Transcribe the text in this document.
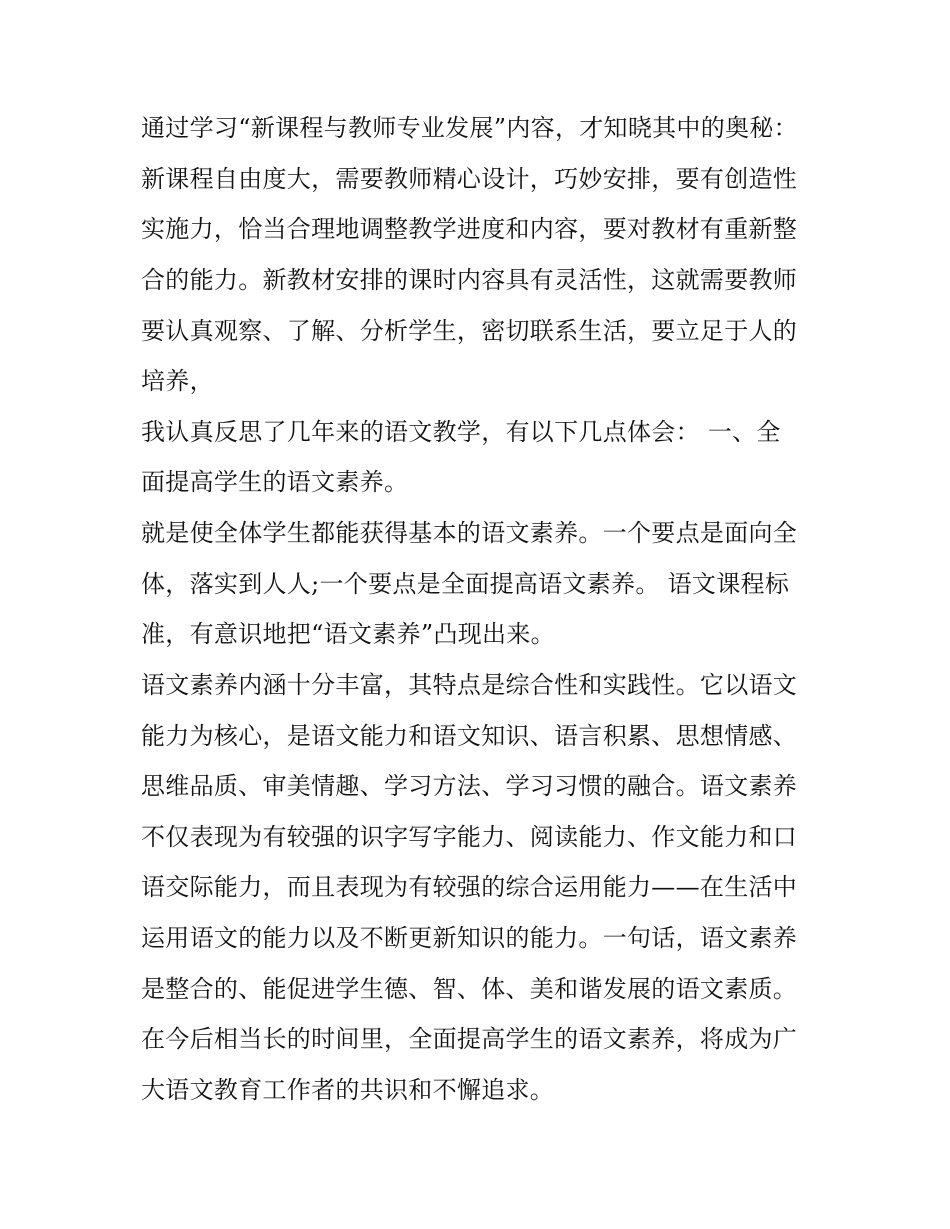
通过学习“新课程与教师专业发展”内容，才知晓其中的奥秘：
新课程自由度大，需要教师精心设计，巧妙安排，要有创造性
实施力，恰当合理地调整教学进度和内容，要对教材有重新整
合的能力。新教材安排的课时内容具有灵活性，这就需要教师
要认真观察、了解、分析学生，密切联系生活，要立足于人的
培养，
我认真反思了几年来的语文教学，有以下几点体会： 一、全
面提高学生的语文素养。
就是使全体学生都能获得基本的语文素养。一个要点是面向全
体，落实到人人;一个要点是全面提高语文素养。 语文课程标
准，有意识地把“语文素养”凸现出来。
语文素养内涵十分丰富，其特点是综合性和实践性。它以语文
能力为核心，是语文能力和语文知识、语言积累、思想情感、
思维品质、审美情趣、学习方法、学习习惯的融合。语文素养
不仅表现为有较强的识字写字能力、阅读能力、作文能力和口
语交际能力，而且表现为有较强的综合运用能力——在生活中
运用语文的能力以及不断更新知识的能力。一句话，语文素养
是整合的、能促进学生德、智、体、美和谐发展的语文素质。
在今后相当长的时间里，全面提高学生的语文素养，将成为广
大语文教育工作者的共识和不懈追求。
